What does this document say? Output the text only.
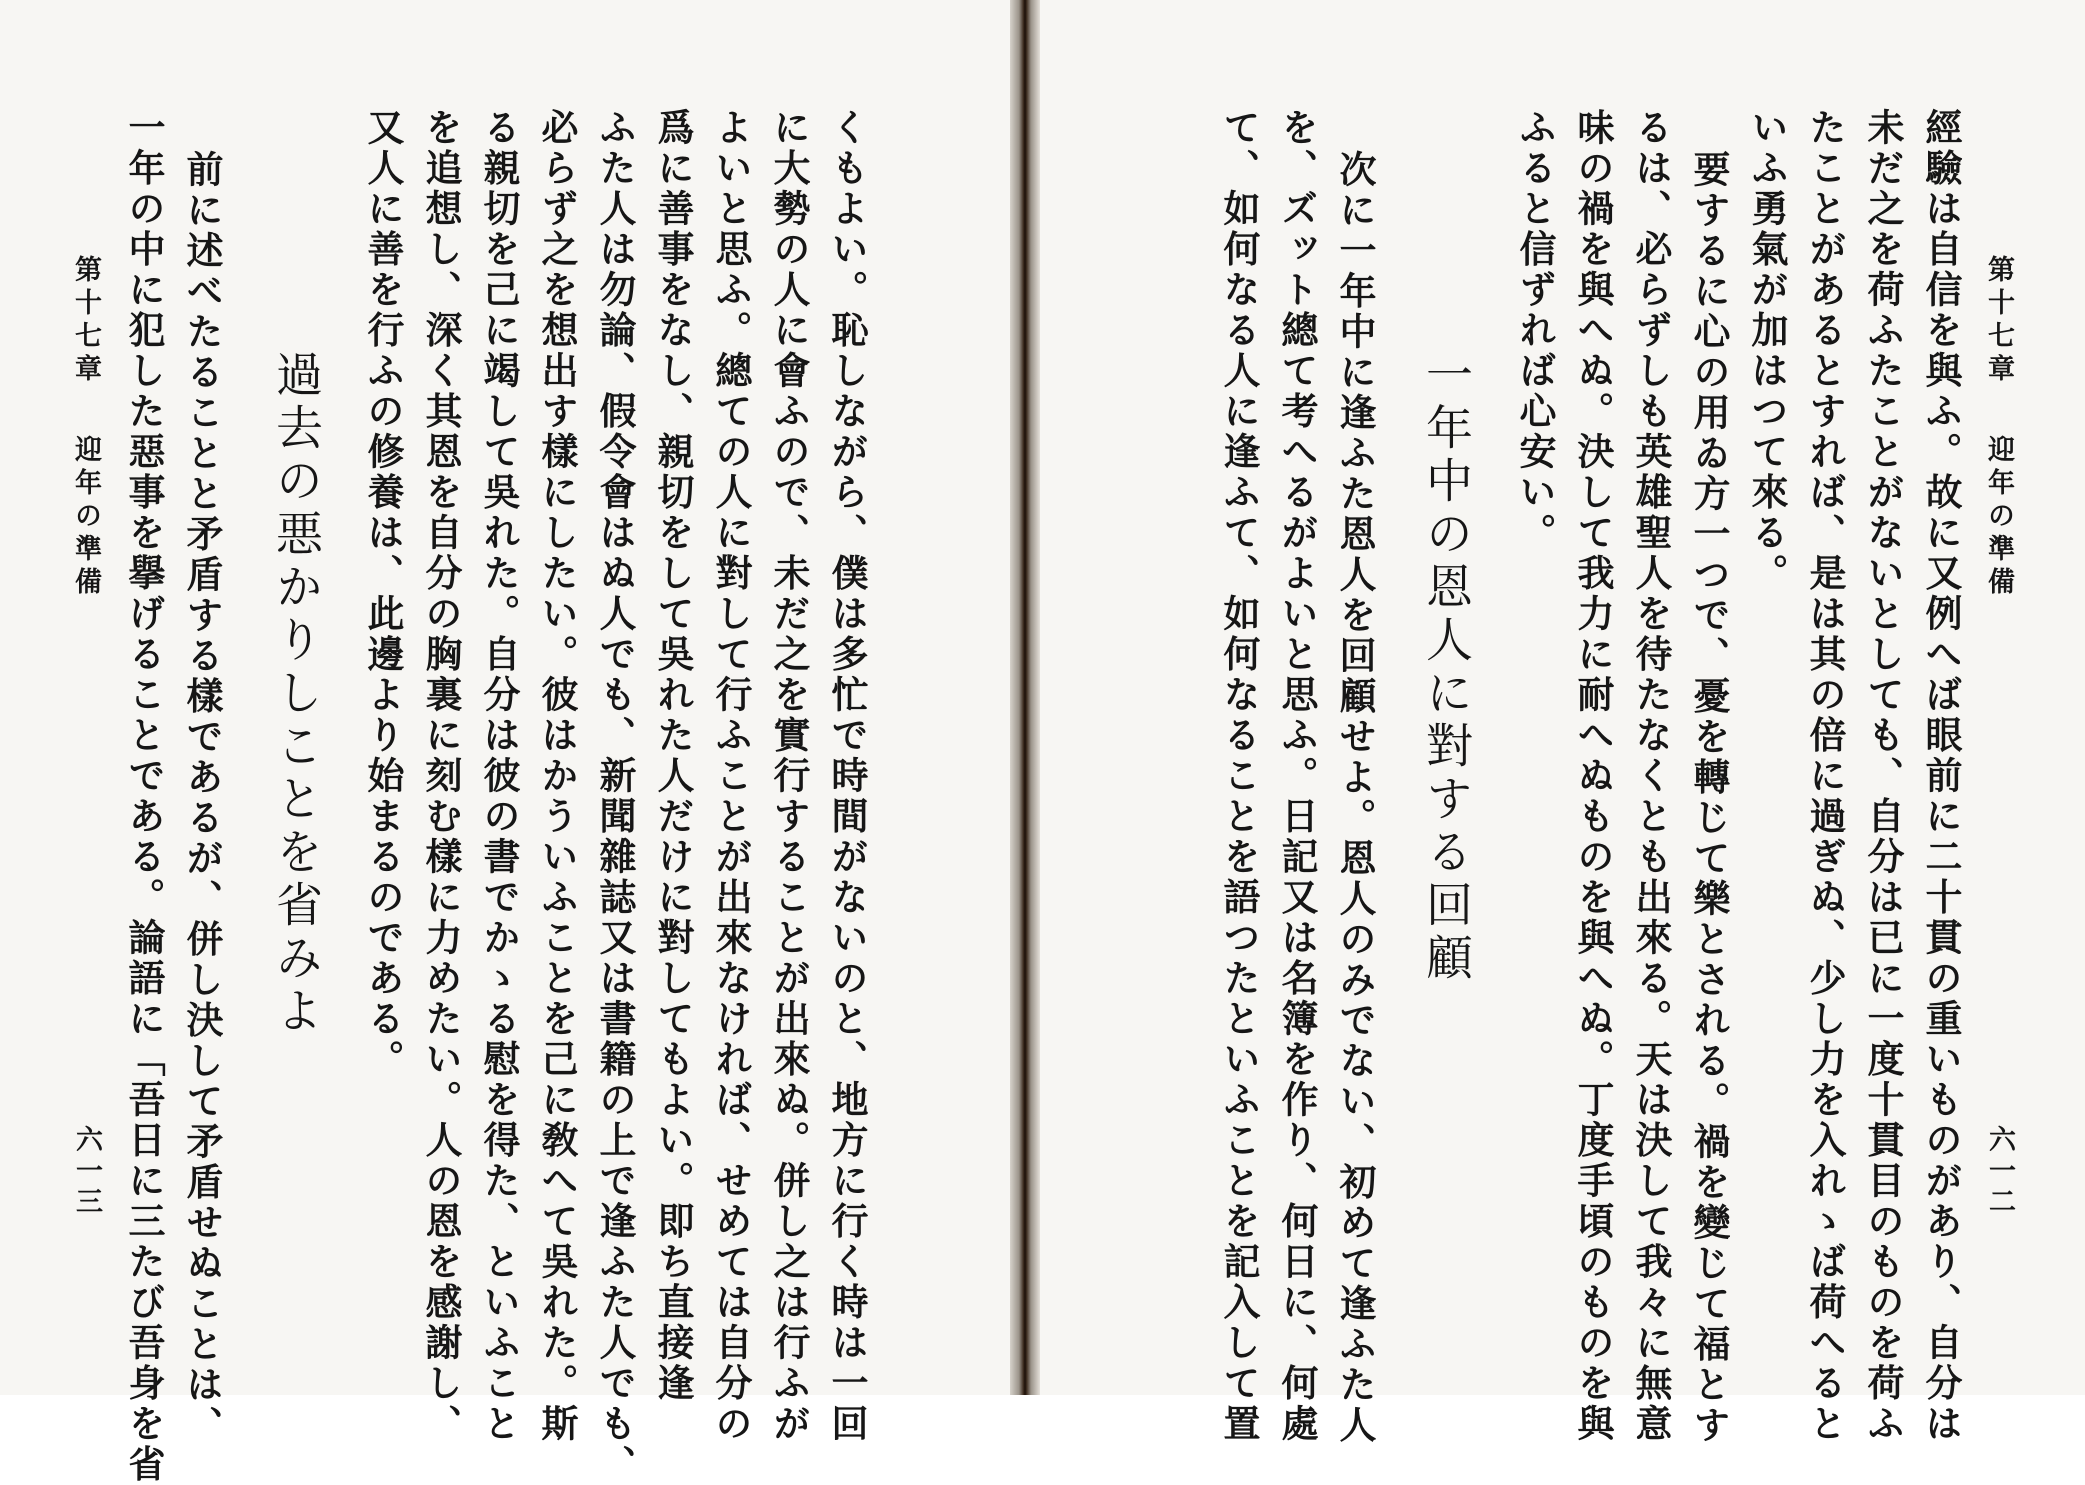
第十七章迎年の準備
六一三	くもよい。恥しながら、僕は多忙で時間がないのと、地方に行く時は一回
に大勢の人に會ふので、未だ之を實行することが出來ぬ。併し之は行ふが
よいと思ふ。總ての人に對して行ふことが出來なければ、せめては自分の
爲に善事をなし、親切をして吳れた人だけに對してもよい。即ち直接逢
ふた人は勿論、假令會はぬ人でも、新聞雜誌又は書籍の上で逢ふた人でも、
必らず之を想出す樣にしたい。彼はかういふことを己に敎へて吳れた。斯
る親切を己に竭して吳れた。自分は彼の書でかゝる慰を得た、といふこと
を追想し、深く其恩を自分の胸裏に刻む樣に力めたい。人の恩を感謝し、
又人に善を行ふの修養は、此邊より始まるのである。
過去の悪かりしことを省みよ
前に述べたることと矛盾する樣であるが、併し決して矛盾せぬことは、
一年の中に犯した惡事を擧げることである。論語に「吾日に三たび吾身を省	第十七章迎年の準備
六一二
經驗は自信を與ふ。故に又例へば眼前に二十貫の重いものがあり、自分は
未だ之を荷ふたことがないとしても、自分は已に一度十貫目のものを荷ふ
たことがあるとすれば、是は其の倍に過ぎぬ、少し力を入れゝば荷へると
いふ勇氣が加はつて來る。
要するに心の用ゐ方一つで、憂を轉じて樂とされる。禍を變じて福とす
るは、必らずしも英雄聖人を待たなくとも出來る。天は決して我々に無意
味の禍を與へぬ。決して我力に耐へぬものを與へぬ。丁度手頃のものを與
ふると信ずれば心安い。
一年中の恩人に對する回顧
次に一年中に逢ふた恩人を回顧せよ。恩人のみでない、初めて逢ふた人
を、ズット總て考へるがよいと思ふ。日記又は名簿を作り、何日に、何處
て、如何なる人に逢ふて、如何なることを語つたといふことを記入して置
